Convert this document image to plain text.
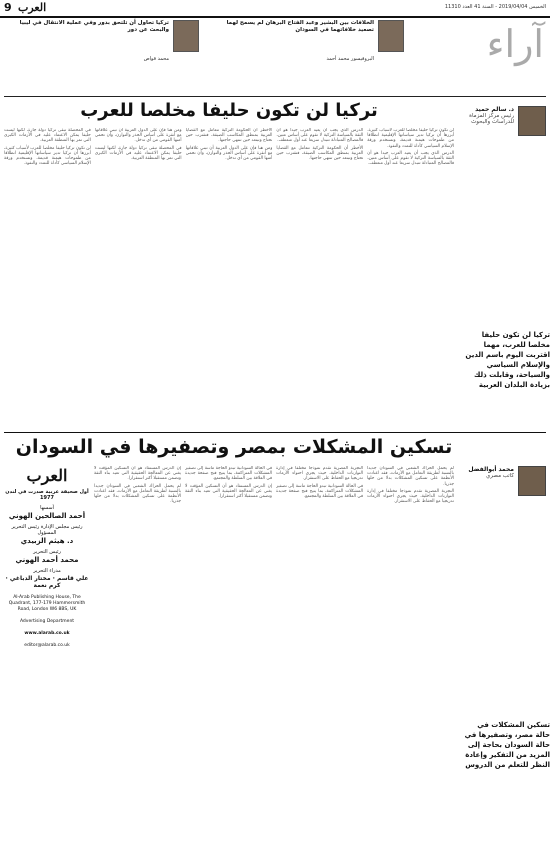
9 العرب	الخميس 2019/04/04 - السنة 41 العدد 11310
الخلافات بين البشير وعبد الفتاح البرهان لم يسمح لهما تصعيد خلافاتهما في السودان
البروفيسور محمد أحمد
تركيا تحاول أن تلتحق بدور وفي عملية الانتقال في ليبيا والبحث عن دور
محمد قواص	آراء
د. سالم حميد
رئيس مركز المزماة للدراسات والبحوث
تركيا لن تكون حليفا مخلصا للعرب، مهما اقتربت اليوم باسم الدين والإسلام السياسي والسياحة، وقابلت ذلك بزيادة البلدان العربية
تركيا لن تكون حليفا مخلصا للعرب

لن تكون تركيا حليفا مخلصا للعرب لأسباب كثيرة، أبرزها أن تركيا تدير سياساتها الإقليمية انطلاقا من طموحات هيمنة قديمة، وتستخدم ورقة الإسلام السياسي كأداة للتمدد والنفوذ.

الدرس الذي يجب أن يعيه العرب جيدا هو أن الثقة بالسياسة التركية لا تقوم على أساس متين، فالمصالح المتبادلة تتبدل سريعا عند أول منعطف.

الدرس الذي يجب أن يعيه العرب جيدا هو أن الثقة بالسياسة التركية لا تقوم على أساس متين، فالمصالح المتبادلة تتبدل سريعا عند أول منعطف.

الأخطر أن الحكومة التركية تتعامل مع القضايا العربية بمنطق المكاسب الضيقة، فتقترب حين تحتاج وتبتعد حين تنتهي حاجتها.

الأخطر أن الحكومة التركية تتعامل مع القضايا العربية بمنطق المكاسب الضيقة، فتقترب حين تحتاج وتبتعد حين تنتهي حاجتها.

ومن هنا فإن على الدول العربية أن تبني علاقاتها مع أنقرة على أساس الحذر والتوازن، وأن تحمي أمنها القومي من أي تدخل.

ومن هنا فإن على الدول العربية أن تبني علاقاتها مع أنقرة على أساس الحذر والتوازن، وأن تحمي أمنها القومي من أي تدخل.

في المحصلة تبقى تركيا دولة جارة، لكنها ليست حليفا يمكن الاعتماد عليه في الأزمات الكبرى التي تمر بها المنطقة العربية.

في المحصلة تبقى تركيا دولة جارة، لكنها ليست حليفا يمكن الاعتماد عليه في الأزمات الكبرى التي تمر بها المنطقة العربية.

لن تكون تركيا حليفا مخلصا للعرب لأسباب كثيرة، أبرزها أن تركيا تدير سياساتها الإقليمية انطلاقا من طموحات هيمنة قديمة، وتستخدم ورقة الإسلام السياسي كأداة للتمدد والنفوذ.

تسكين المشكلات بمصر وتصفيرها في السودان
محمد أبوالفضل
كاتب مصري
تسكين المشكلات في حالة مصر، وتصفيرها في حالة السودان بحاجة إلى المزيد من التفكير وإعادة النظر للتعلم من الدروس

لم يحمل الحراك الشعبي في السودان جديدا بالنسبة لطريقة التعامل مع الأزمات، فقد اعتادت الأنظمة على تسكين المشكلات بدلا من حلها جذريا.

التجربة المصرية تقدم نموذجا مختلفا في إدارة التوازنات الداخلية، حيث يجري احتواء الأزمات تدريجيا مع الحفاظ على الاستقرار.

التجربة المصرية تقدم نموذجا مختلفا في إدارة التوازنات الداخلية، حيث يجري احتواء الأزمات تدريجيا مع الحفاظ على الاستقرار.

في الحالة السودانية تبدو الحاجة ماسة إلى تصفير المشكلات المتراكمة، بما يتيح فتح صفحة جديدة في العلاقة بين السلطة والمجتمع.

في الحالة السودانية تبدو الحاجة ماسة إلى تصفير المشكلات المتراكمة، بما يتيح فتح صفحة جديدة في العلاقة بين السلطة والمجتمع.

إن الدرس المستفاد هو أن التسكين المؤقت لا يغني عن المعالجة الحقيقية التي تعيد بناء الثقة وتضمن مستقبلا أكثر استقرارا.

إن الدرس المستفاد هو أن التسكين المؤقت لا يغني عن المعالجة الحقيقية التي تعيد بناء الثقة وتضمن مستقبلا أكثر استقرارا.

لم يحمل الحراك الشعبي في السودان جديدا بالنسبة لطريقة التعامل مع الأزمات، فقد اعتادت الأنظمة على تسكين المشكلات بدلا من حلها جذريا.

العرب
أول صحيفة عربية صدرت في لندن 1977
أسسها
أحمد الصالحين الهوني
رئيس مجلس الإدارة رئيس التحرير المسؤول
د. هيثم الزبيدي
رئيس التحرير
محمد أحمد الهوني
مدراء التحرير
علي قاسم · مختار الدباغي · كرم نعمة
Al-Arab Publishing House, The Quadrant, 177-179 Hammersmith Road, London W6 8BS, UK
Advertising Department
www.alarab.co.uk
editor@alarab.co.uk
